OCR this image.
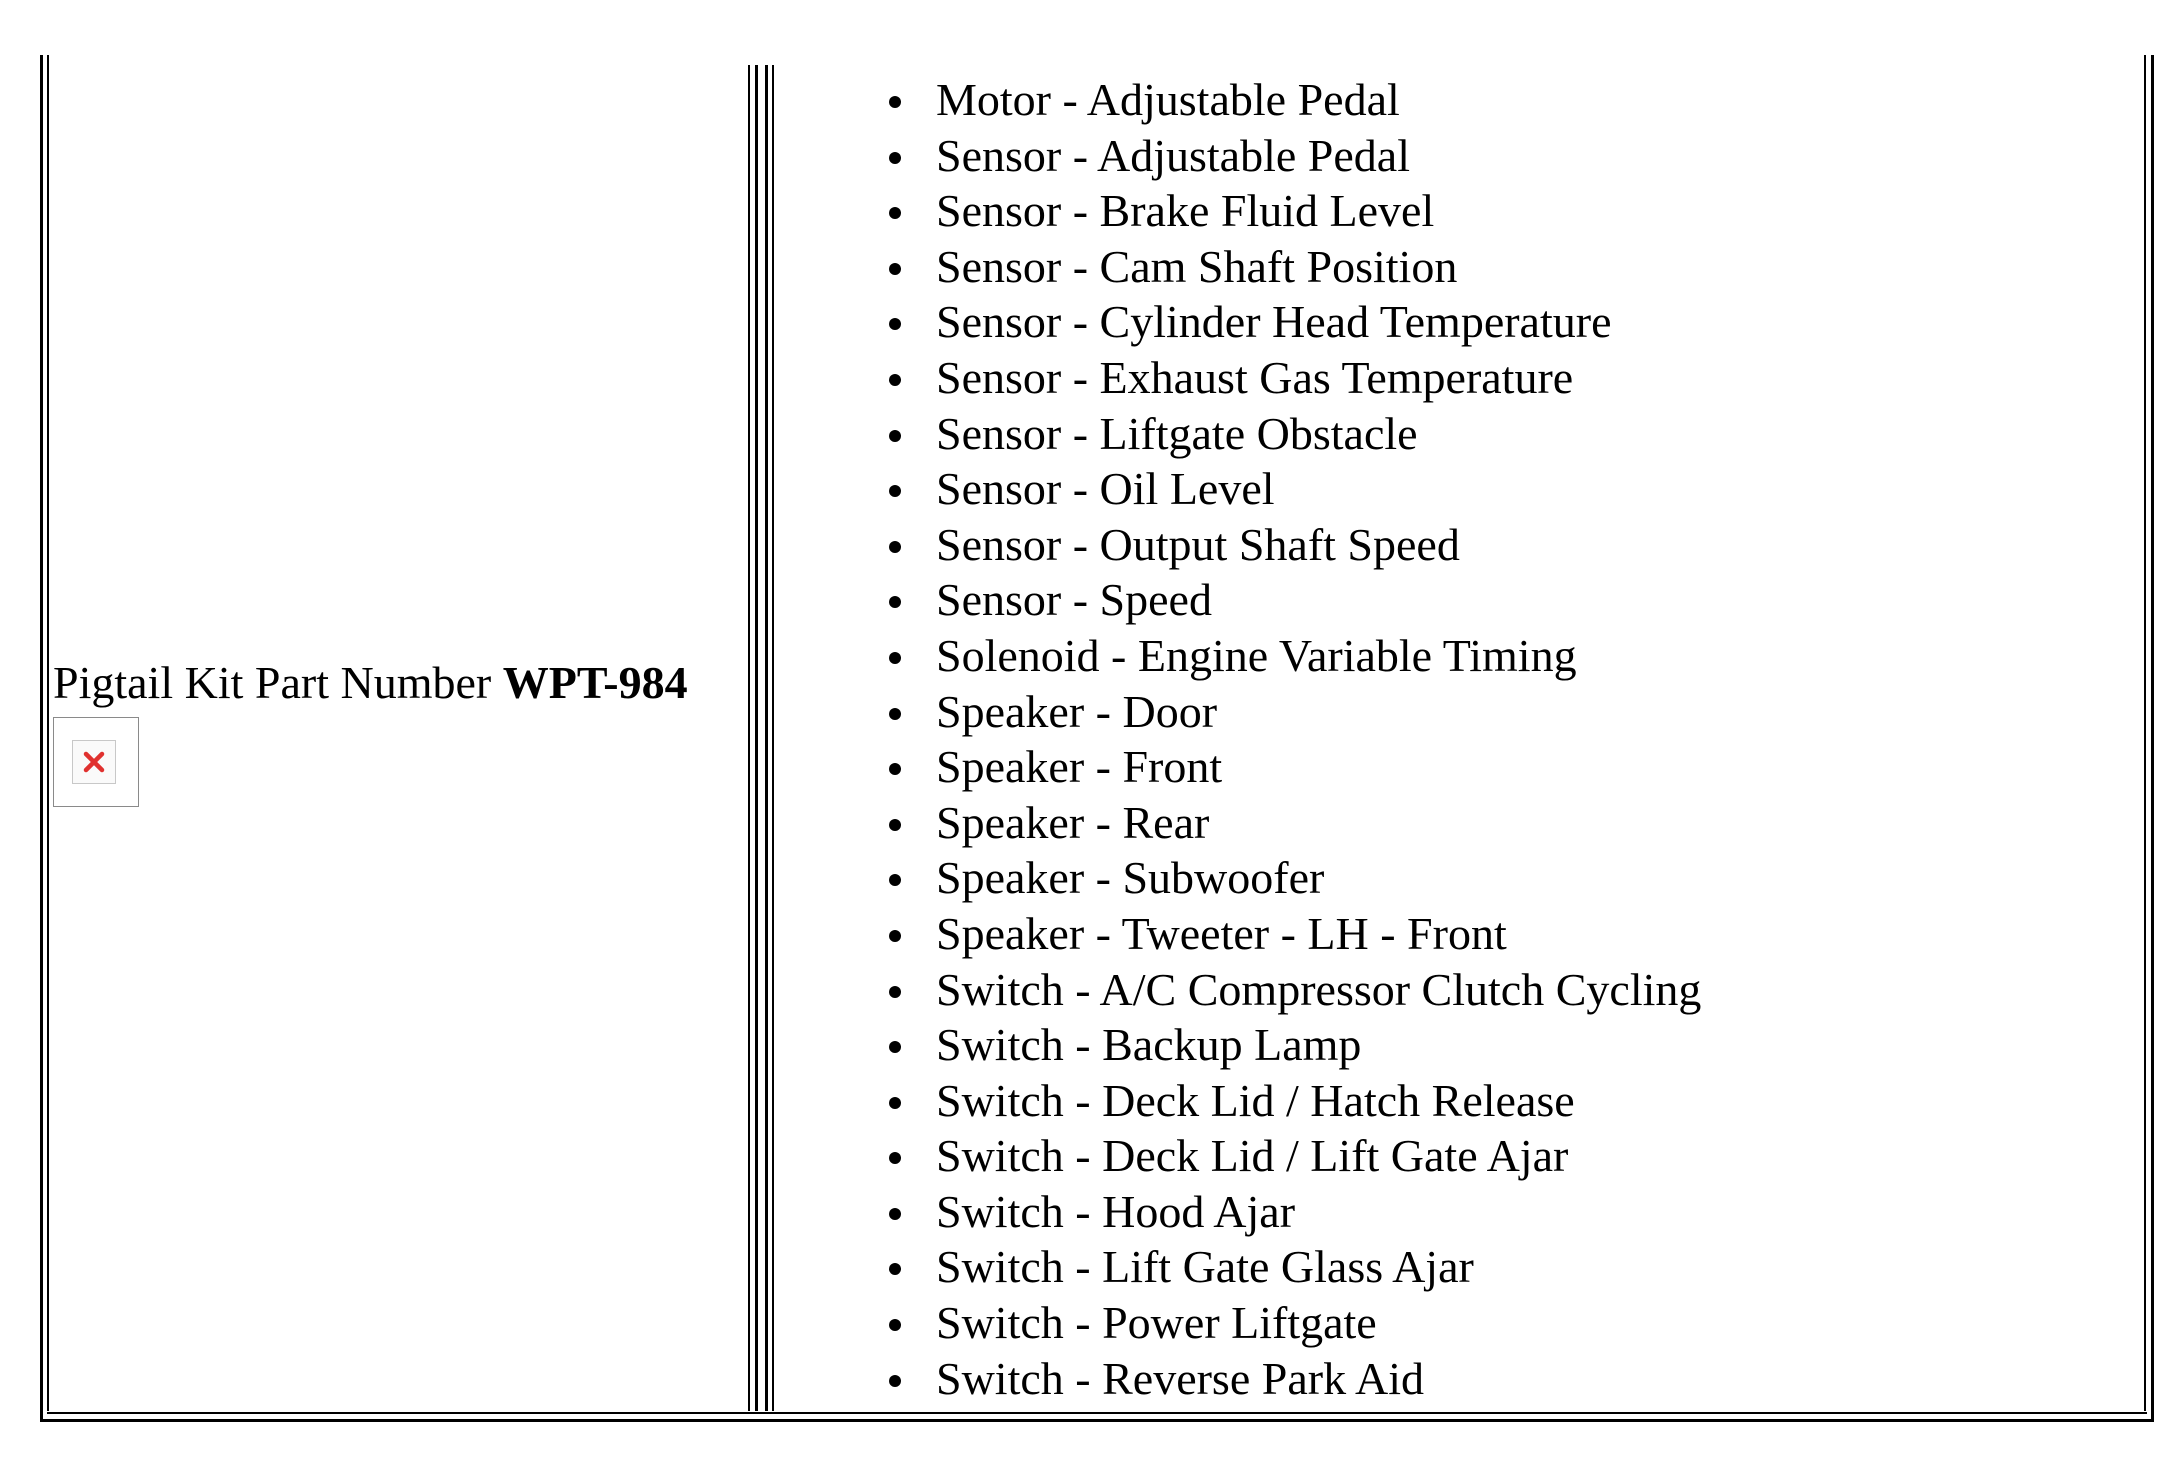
Pigtail Kit Part Number WPT-984

Motor - Adjustable Pedal
Sensor - Adjustable Pedal
Sensor - Brake Fluid Level
Sensor - Cam Shaft Position
Sensor - Cylinder Head Temperature
Sensor - Exhaust Gas Temperature
Sensor - Liftgate Obstacle
Sensor - Oil Level
Sensor - Output Shaft Speed
Sensor - Speed
Solenoid - Engine Variable Timing
Speaker - Door
Speaker - Front
Speaker - Rear
Speaker - Subwoofer
Speaker - Tweeter - LH - Front
Switch - A/C Compressor Clutch Cycling
Switch - Backup Lamp
Switch - Deck Lid / Hatch Release
Switch - Deck Lid / Lift Gate Ajar
Switch - Hood Ajar
Switch - Lift Gate Glass Ajar
Switch - Power Liftgate
Switch - Reverse Park Aid
